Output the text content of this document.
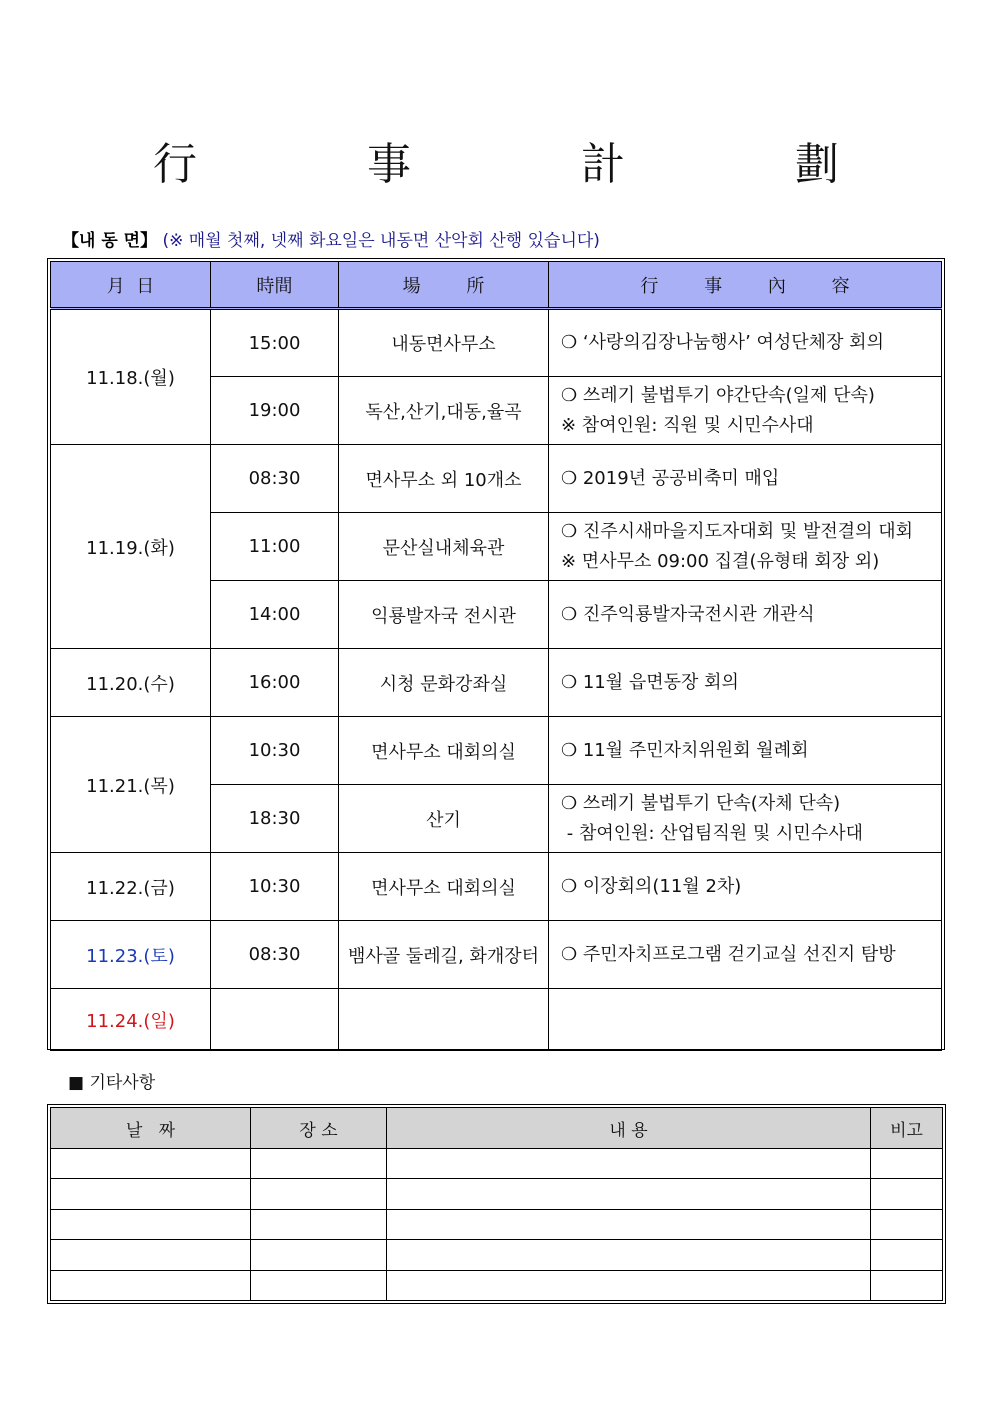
行 事 計 劃
【내 동 면】 (※ 매월 첫째, 넷째 화요일은 내동면 산악회 산행 있습니다)
月  日	時間	場        所	行        事        內        容
11.18.(월)	15:00	내동면사무소	❍ ‘사랑의김장나눔행사’ 여성단체장 회의

	19:00	독산,산기,대동,율곡	❍ 쓰레기 불법투기 야간단속(일제 단속)
※ 참여인원: 직원 및 시민수사대

11.19.(화)	08:30	면사무소 외 10개소	❍ 2019년 공공비축미 매입

	11:00	문산실내체육관	❍ 진주시새마을지도자대회 및 발전결의 대회
※ 면사무소 09:00 집결(유형태 회장 외)

	14:00	익룡발자국 전시관	❍ 진주익룡발자국전시관 개관식

11.20.(수)	16:00	시청 문화강좌실	❍ 11월 읍면동장 회의

11.21.(목)	10:30	면사무소 대회의실	❍ 11월 주민자치위원회 월례회

	18:30	산기	❍ 쓰레기 불법투기 단속(자체 단속)
- 참여인원: 산업팀직원 및 시민수사대

11.22.(금)	10:30	면사무소 대회의실	❍ 이장회의(11월 2차)

11.23.(토)	08:30	뱀사골 둘레길, 화개장터	❍ 주민자치프로그램 걷기교실 선진지 탐방

11.24.(일)			
■ 기타사항
날   짜	장 소	내 용	비고
